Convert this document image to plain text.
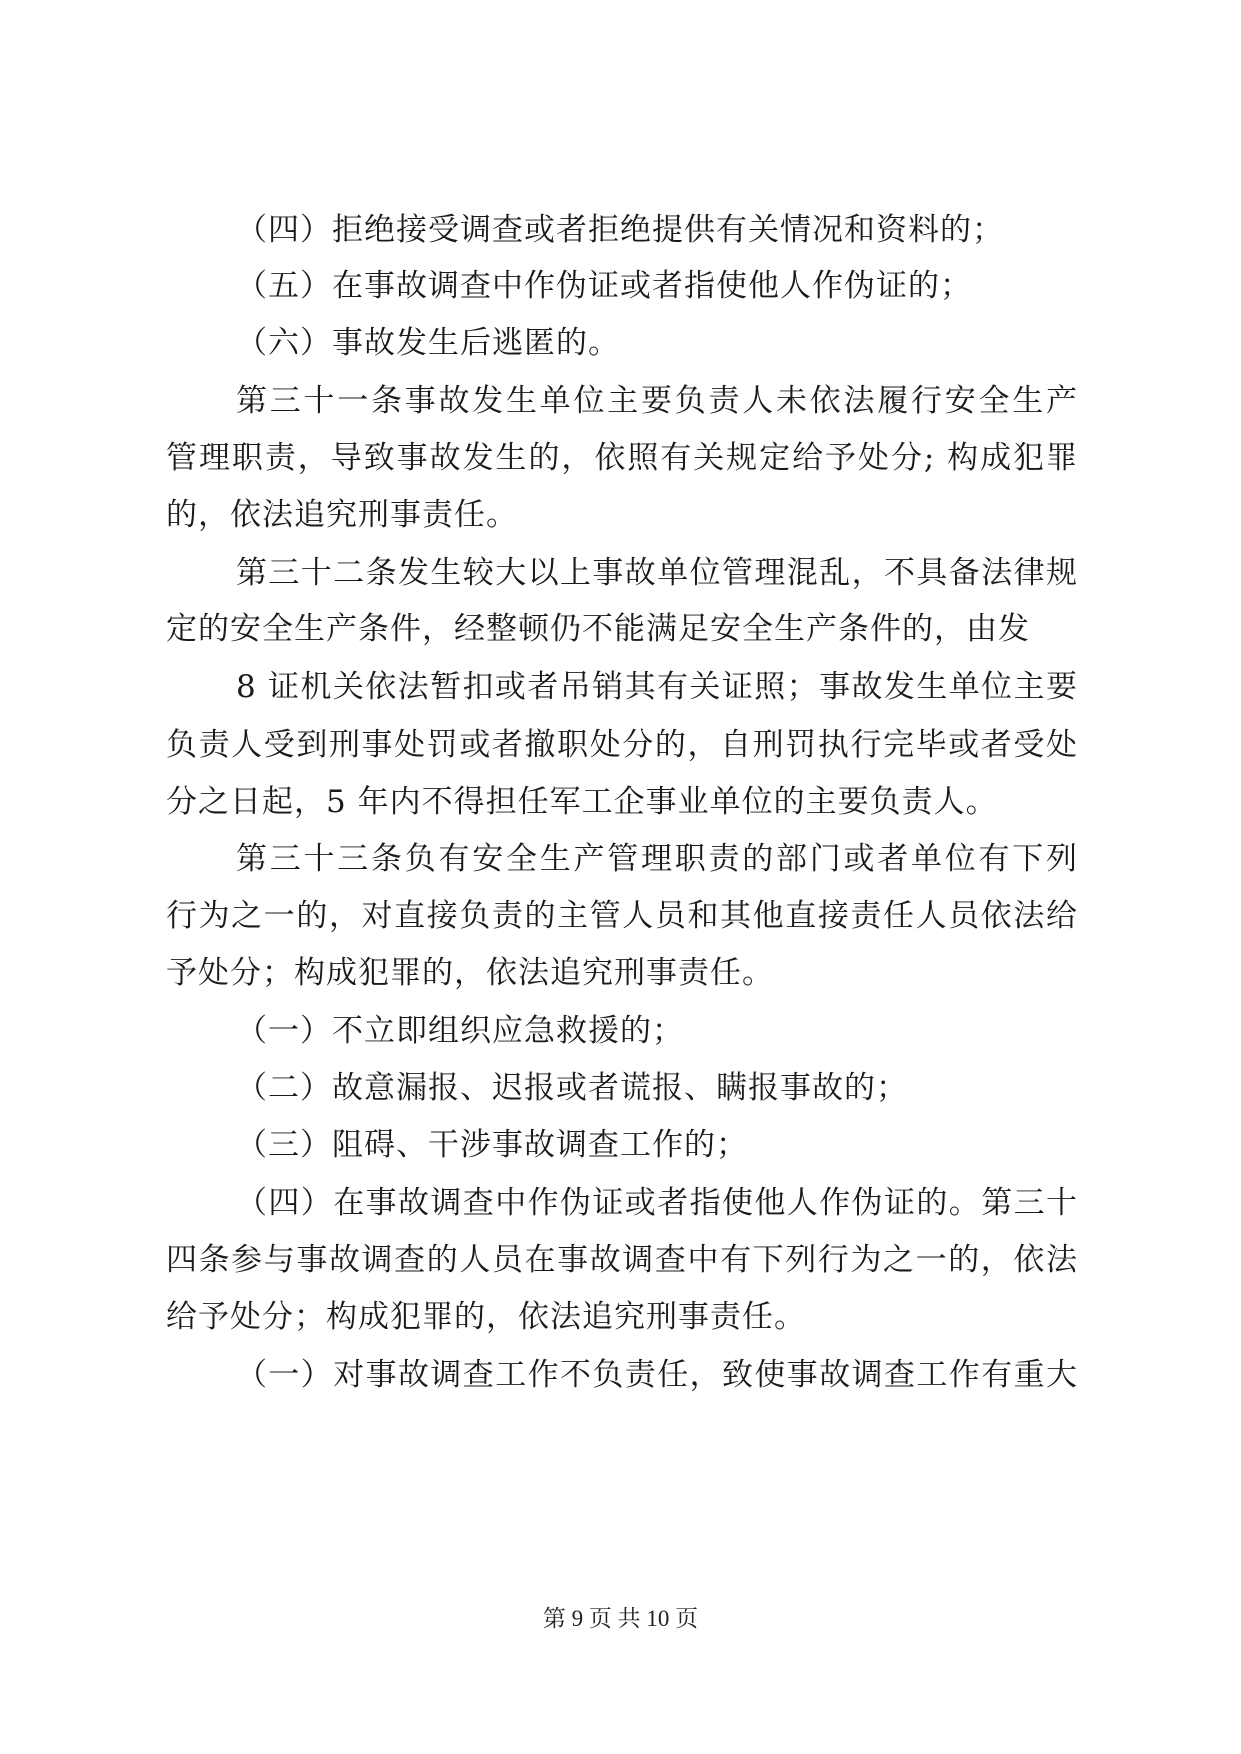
（四）拒绝接受调查或者拒绝提供有关情况和资料的；
（五）在事故调查中作伪证或者指使他人作伪证的；
（六）事故发生后逃匿的。
第三十一条事故发生单位主要负责人未依法履行安全生产
管理职责，导致事故发生的，依照有关规定给予处分; 构成犯罪
的，依法追究刑事责任。
第三十二条发生较大以上事故单位管理混乱，不具备法律规
定的安全生产条件，经整顿仍不能满足安全生产条件的，由发
8 证机关依法暂扣或者吊销其有关证照；事故发生单位主要
负责人受到刑事处罚或者撤职处分的，自刑罚执行完毕或者受处
分之日起，5 年内不得担任军工企事业单位的主要负责人。
第三十三条负有安全生产管理职责的部门或者单位有下列
行为之一的，对直接负责的主管人员和其他直接责任人员依法给
予处分；构成犯罪的，依法追究刑事责任。
（一）不立即组织应急救援的；
（二）故意漏报、迟报或者谎报、瞒报事故的；
（三）阻碍、干涉事故调查工作的；
（四）在事故调查中作伪证或者指使他人作伪证的。第三十
四条参与事故调查的人员在事故调查中有下列行为之一的，依法
给予处分；构成犯罪的，依法追究刑事责任。
（一）对事故调查工作不负责任，致使事故调查工作有重大
第 9 页 共 10 页
